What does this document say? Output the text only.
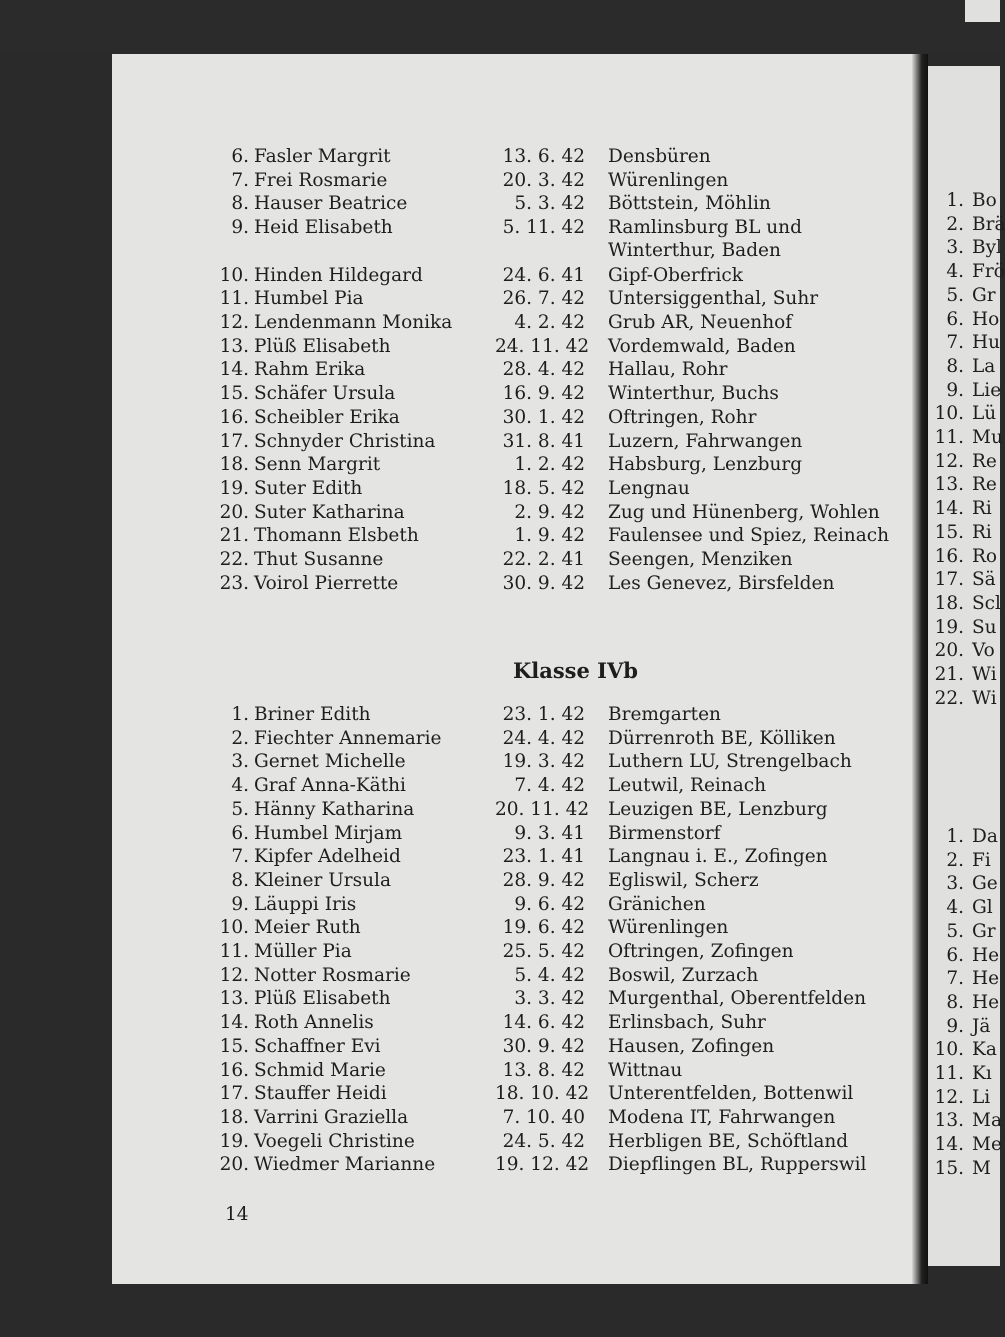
6. Fasler Margrit	13. 6. 42 Densbüren
7. Frei Rosmarie	20. 3. 42 Würenlingen
8. Hauser Beatrice	5. 3. 42 Böttstein, Möhlin
9. Heid Elisabeth	5. 11. 42 Ramlinsburg BL und
Winterthur, Baden
10. Hinden Hildegard	24. 6. 41 Gipf-Oberfrick
11. Humbel Pia	26. 7. 42 Untersiggenthal, Suhr
12. Lendenmann Monika	4. 2. 42 Grub AR, Neuenhof
13. Plüß Elisabeth	24. 11. 42 Vordemwald, Baden
14. Rahm Erika	28. 4. 42 Hallau, Rohr
15. Schäfer Ursula	16. 9. 42 Winterthur, Buchs
16. Scheibler Erika	30. 1. 42 Oftringen, Rohr
17. Schnyder Christina	31. 8. 41 Luzern, Fahrwangen
18. Senn Margrit	1. 2. 42 Habsburg, Lenzburg
19. Suter Edith	18. 5. 42 Lengnau
20. Suter Katharina	2. 9. 42 Zug und Hünenberg, Wohlen
21. Thomann Elsbeth	1. 9. 42 Faulensee und Spiez, Reinach
22. Thut Susanne	22. 2. 41 Seengen, Menziken
23. Voirol Pierrette	30. 9. 42 Les Genevez, Birsfelden
Klasse IVb
1. Briner Edith	23. 1. 42 Bremgarten
2. Fiechter Annemarie	24. 4. 42 Dürrenroth BE, Kölliken
3. Gernet Michelle	19. 3. 42 Luthern LU, Strengelbach
4. Graf Anna-Käthi	7. 4. 42 Leutwil, Reinach
5. Hänny Katharina	20. 11. 42 Leuzigen BE, Lenzburg
6. Humbel Mirjam	9. 3. 41 Birmenstorf
7. Kipfer Adelheid	23. 1. 41 Langnau i. E., Zofingen
8. Kleiner Ursula	28. 9. 42 Egliswil, Scherz
9. Läuppi Iris	9. 6. 42 Gränichen
10. Meier Ruth	19. 6. 42 Würenlingen
11. Müller Pia	25. 5. 42 Oftringen, Zofingen
12. Notter Rosmarie	5. 4. 42 Boswil, Zurzach
13. Plüß Elisabeth	3. 3. 42 Murgenthal, Oberentfelden
14. Roth Annelis	14. 6. 42 Erlinsbach, Suhr
15. Schaffner Evi	30. 9. 42 Hausen, Zofingen
16. Schmid Marie	13. 8. 42 Wittnau
17. Stauffer Heidi	18. 10. 42 Unterentfelden, Bottenwil
18. Varrini Graziella	7. 10. 40 Modena IT, Fahrwangen
19. Voegeli Christine	24. 5. 42 Herbligen BE, Schöftland
20. Wiedmer Marianne	19. 12. 42 Diepflingen BL, Rupperswil
14
1. Bo
2. Brä
3. Byl
4. Frö
5. Gr
6. Ho
7. Hu
8. La
9. Lie
10. Lü
11. Mu
12. Re
13. Re
14. Ri
15. Ri
16. Ro
17. Sä
18. Scl
19. Su
20. Vo
21. Wi
22. Wi
1. Da
2. Fi
3. Ge
4. Gl
5. Gr
6. He
7. He
8. He
9. Jä
10. Ka
11. Kı
12. Li
13. Ma
14. Me
15. M
